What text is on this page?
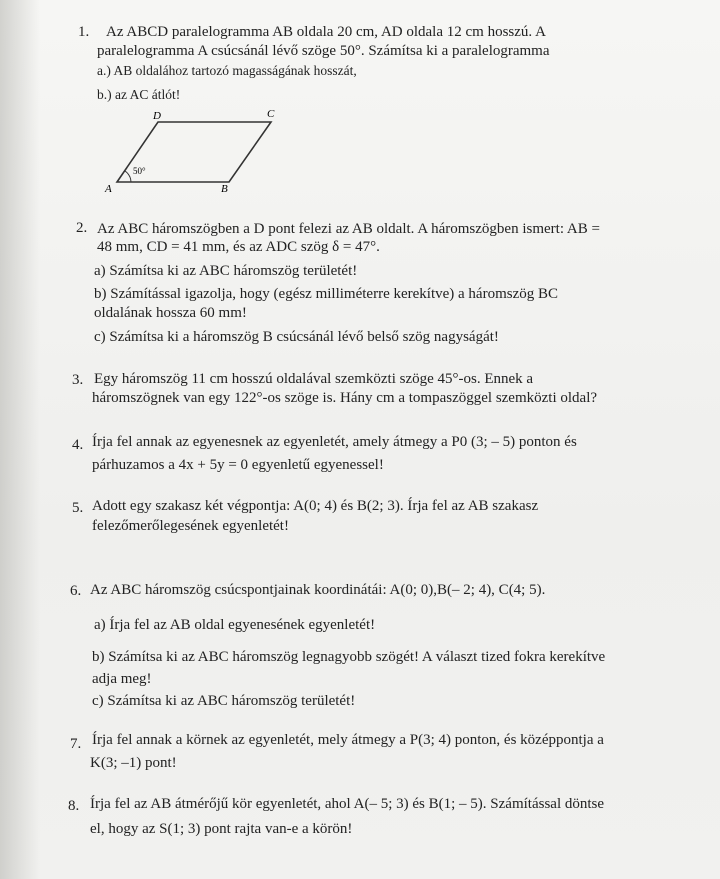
1. Az ABCD paralelogramma AB oldala 20 cm, AD oldala 12 cm hosszú. A
paralelogramma A csúcsánál lévő szöge 50°. Számítsa ki a paralelogramma
a.) AB oldalához tartozó magasságának hosszát,
b.) az AC átlót!
D	C
A	B
50°
2. Az ABC háromszögben a D pont felezi az AB oldalt. A háromszögben ismert: AB =
48 mm, CD = 41 mm, és az ADC szög δ = 47°.
a) Számítsa ki az ABC háromszög területét!
b) Számítással igazolja, hogy (egész milliméterre kerekítve) a háromszög BC
oldalának hossza 60 mm!
c) Számítsa ki a háromszög B csúcsánál lévő belső szög nagyságát!
3. Egy háromszög 11 cm hosszú oldalával szemközti szöge 45°-os. Ennek a
háromszögnek van egy 122°-os szöge is. Hány cm a tompaszöggel szemközti oldal?
4. Írja fel annak az egyenesnek az egyenletét, amely átmegy a P0 (3; – 5) ponton és
párhuzamos a 4x + 5y = 0 egyenletű egyenessel!
5. Adott egy szakasz két végpontja: A(0; 4) és B(2; 3). Írja fel az AB szakasz
felezőmerőlegesének egyenletét!
6. Az ABC háromszög csúcspontjainak koordinátái: A(0; 0),B(– 2; 4), C(4; 5).
a) Írja fel az AB oldal egyenesének egyenletét!
b) Számítsa ki az ABC háromszög legnagyobb szögét! A választ tized fokra kerekítve
adja meg!
c) Számítsa ki az ABC háromszög területét!
7. Írja fel annak a körnek az egyenletét, mely átmegy a P(3; 4) ponton, és középpontja a
K(3; –1) pont!
8. Írja fel az AB átmérőjű kör egyenletét, ahol A(– 5; 3) és B(1; – 5). Számítással döntse
el, hogy az S(1; 3) pont rajta van-e a körön!
